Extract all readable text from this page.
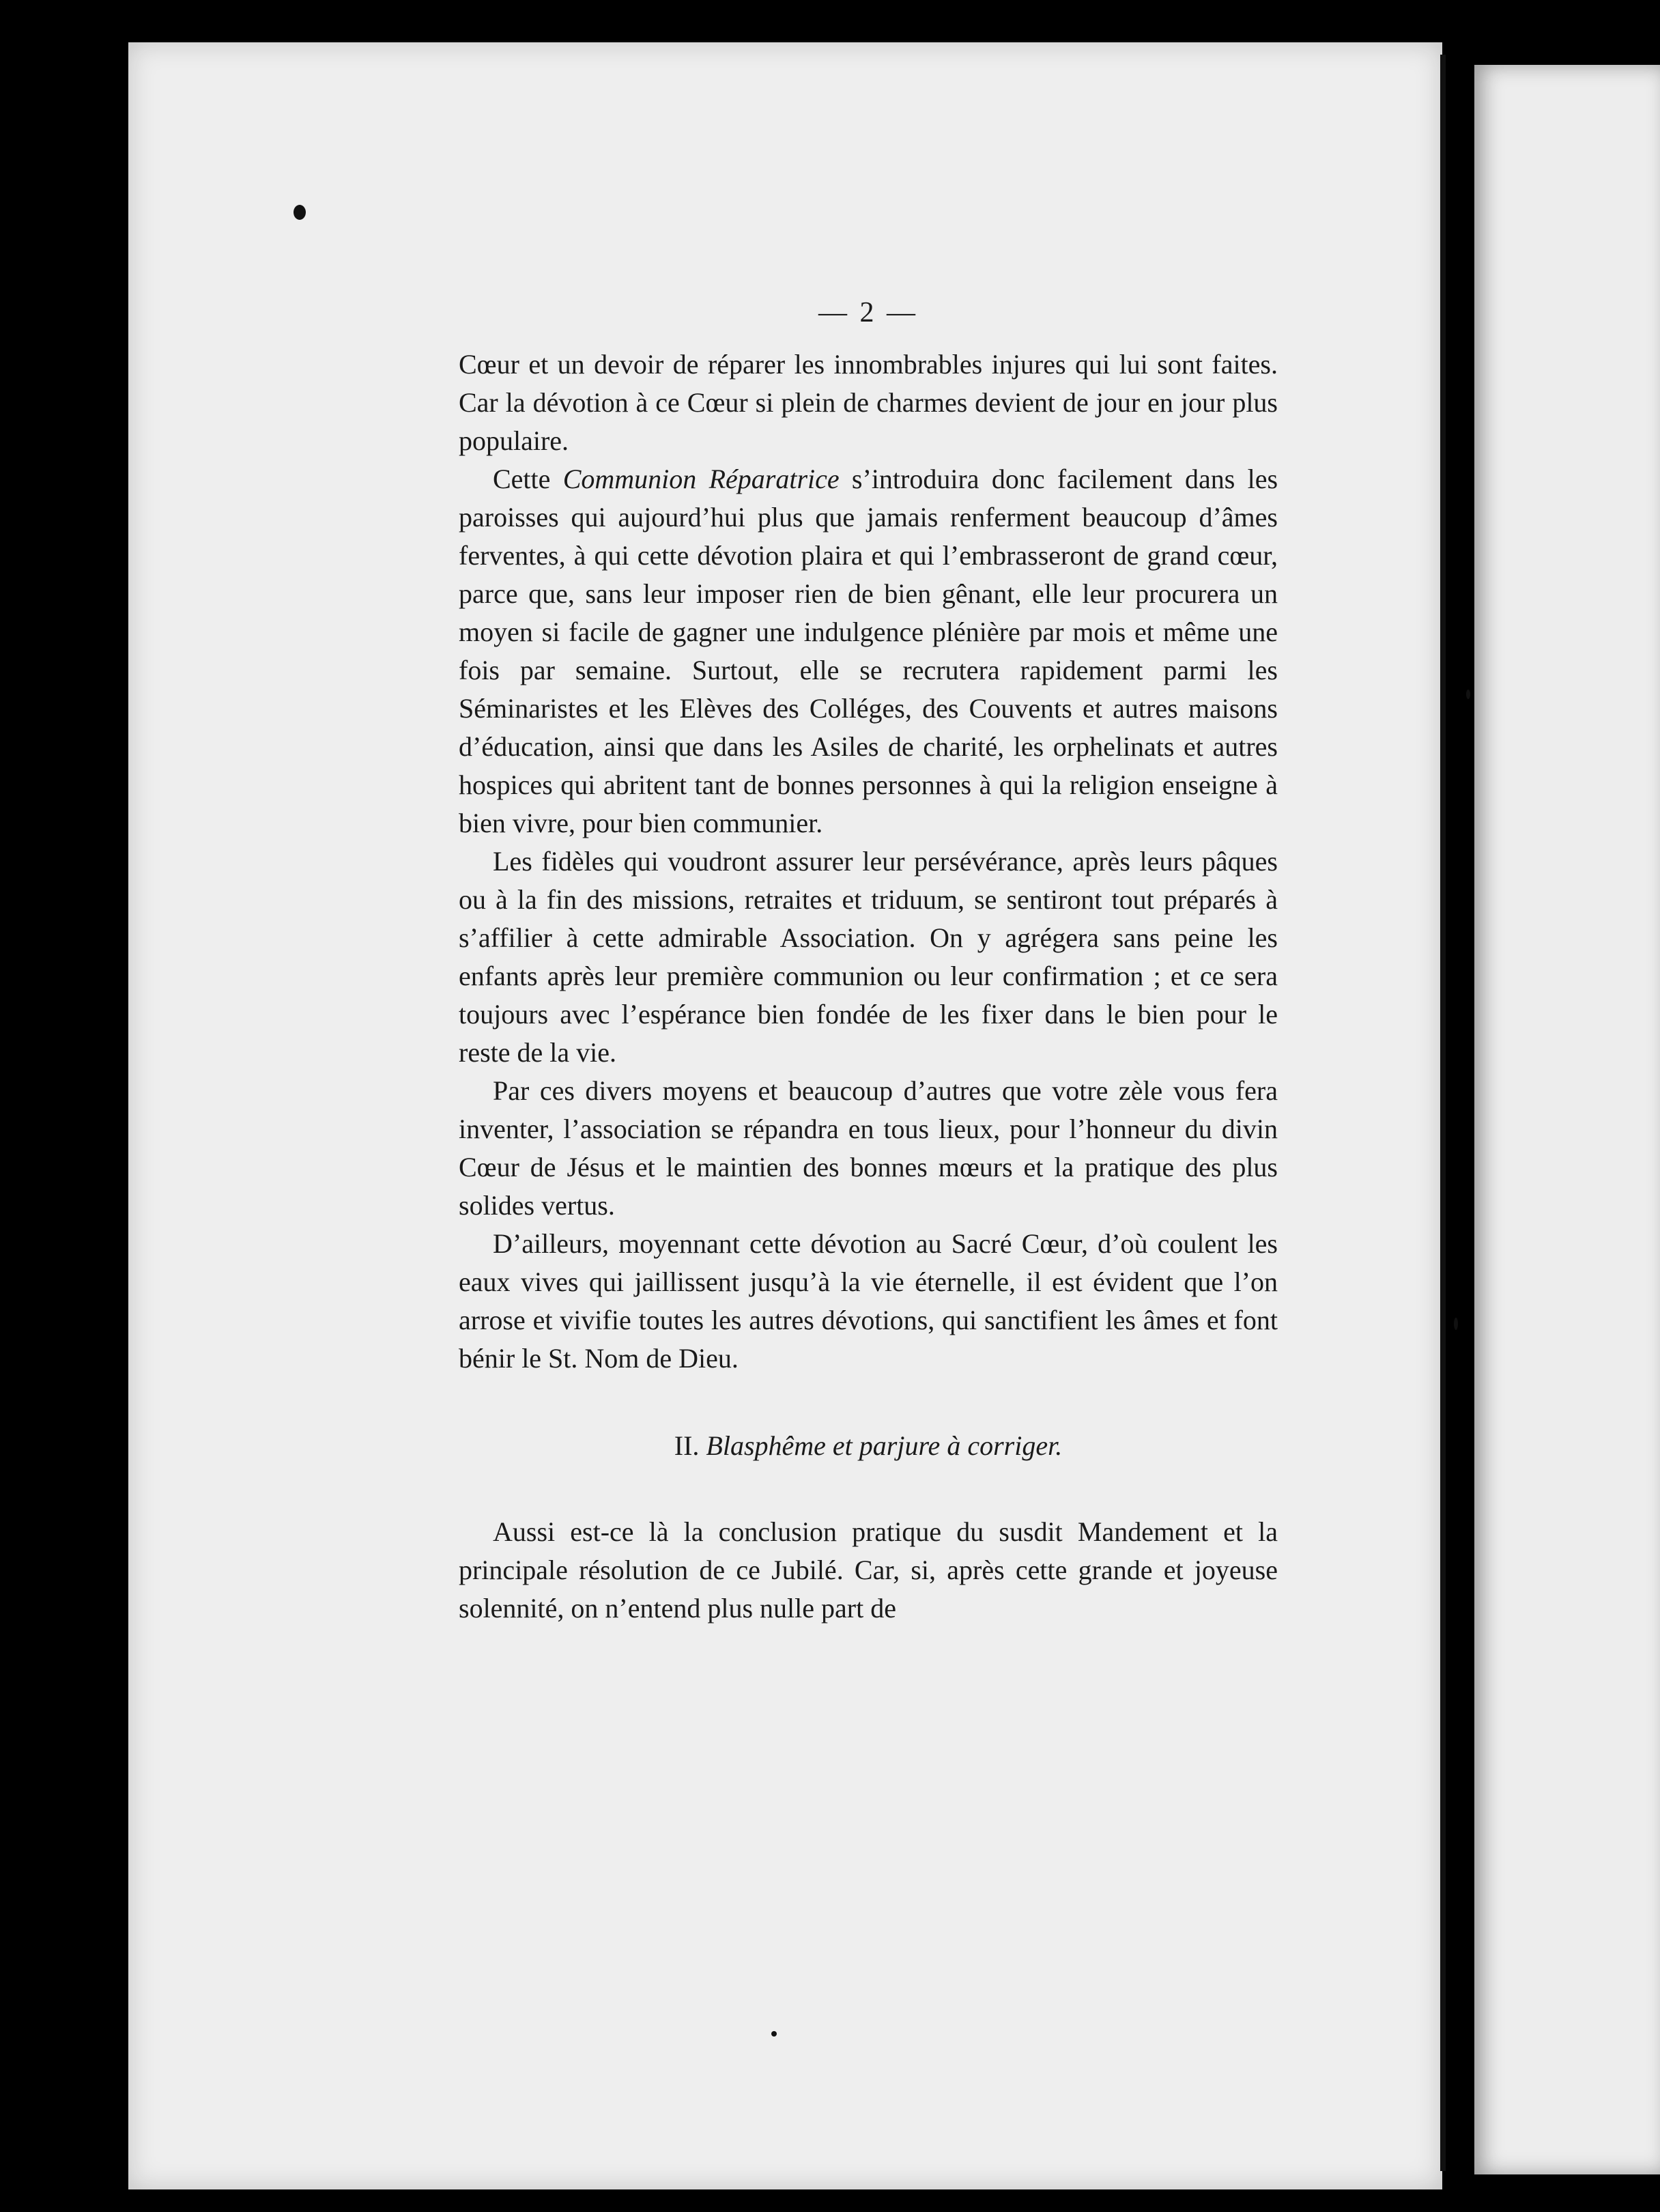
— 2 —

Cœur et un devoir de réparer les innombrables injures qui lui sont faites. Car la dévotion à ce Cœur si plein de charmes devient de jour en jour plus populaire.

Cette Communion Réparatrice s’introduira donc facilement dans les paroisses qui aujourd’hui plus que jamais renferment beaucoup d’âmes ferventes, à qui cette dévotion plaira et qui l’embrasseront de grand cœur, parce que, sans leur imposer rien de bien gênant, elle leur procurera un moyen si facile de gagner une indulgence plénière par mois et même une fois par semaine. Surtout, elle se recrutera rapidement parmi les Séminaristes et les Elèves des Colléges, des Couvents et autres maisons d’éducation, ainsi que dans les Asiles de charité, les orphelinats et autres hospices qui abritent tant de bonnes personnes à qui la religion enseigne à bien vivre, pour bien communier.

Les fidèles qui voudront assurer leur persévérance, après leurs pâques ou à la fin des missions, retraites et triduum, se sentiront tout préparés à s’affilier à cette admirable Association. On y agrégera sans peine les enfants après leur première communion ou leur confirmation ; et ce sera toujours avec l’espérance bien fondée de les fixer dans le bien pour le reste de la vie.

Par ces divers moyens et beaucoup d’autres que votre zèle vous fera inventer, l’association se répandra en tous lieux, pour l’honneur du divin Cœur de Jésus et le maintien des bonnes mœurs et la pratique des plus solides vertus.

D’ailleurs, moyennant cette dévotion au Sacré Cœur, d’où coulent les eaux vives qui jaillissent jusqu’à la vie éternelle, il est évident que l’on arrose et vivifie toutes les autres dévotions, qui sanctifient les âmes et font bénir le St. Nom de Dieu.

II. Blasphême et parjure à corriger.

Aussi est-ce là la conclusion pratique du susdit Mandement et la principale résolution de ce Jubilé. Car, si, après cette grande et joyeuse solennité, on n’entend plus nulle part de
